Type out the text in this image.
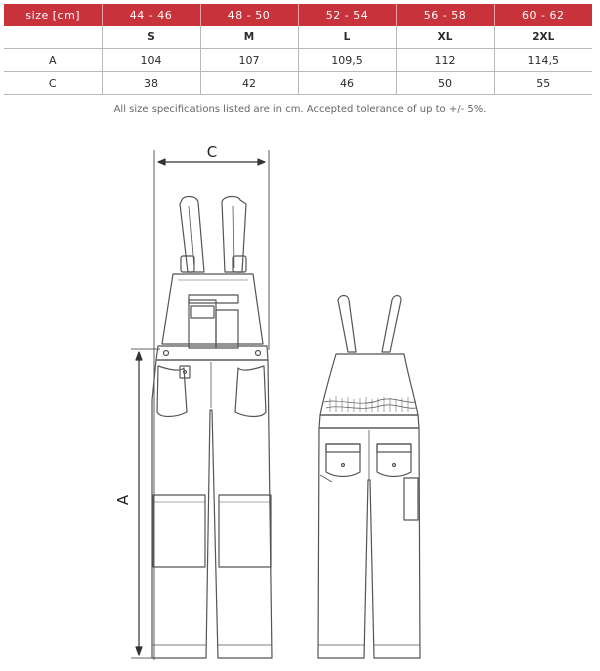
size [cm]	44 - 46	48 - 50	52 - 54	56 - 58	60 - 62
	S	M	L	XL	2XL
A	104	107	109,5	112	114,5
C	38	42	46	50	55
All size specifications listed are in cm. Accepted tolerance of up to +/- 5%.
C
A
